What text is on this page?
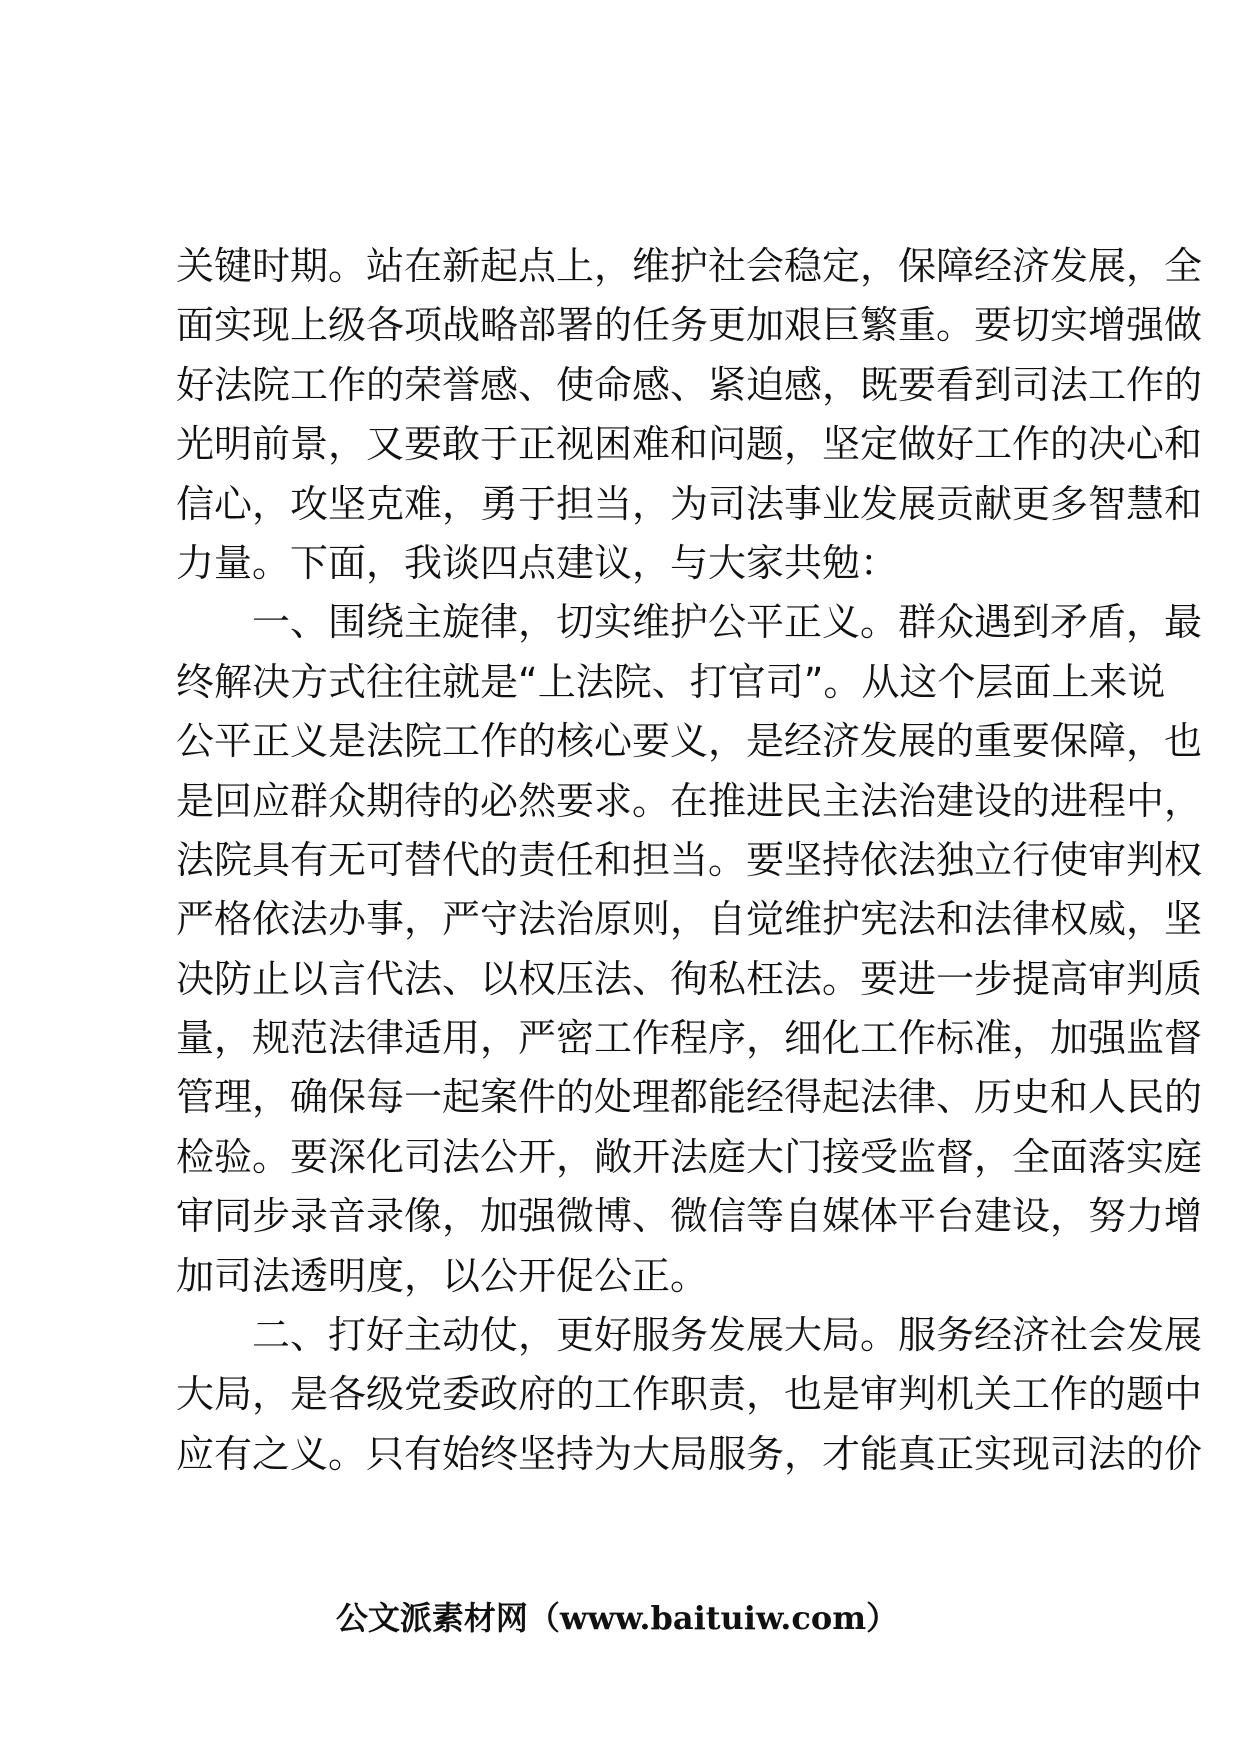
关键时期。站在新起点上，维护社会稳定，保障经济发展，全
面实现上级各项战略部署的任务更加艰巨繁重。要切实增强做
好法院工作的荣誉感、使命感、紧迫感，既要看到司法工作的
光明前景，又要敢于正视困难和问题，坚定做好工作的决心和
信心，攻坚克难，勇于担当，为司法事业发展贡献更多智慧和
力量。下面，我谈四点建议，与大家共勉：
　　一、围绕主旋律，切实维护公平正义。群众遇到矛盾，最
终解决方式往往就是“上法院、打官司”。从这个层面上来说
公平正义是法院工作的核心要义，是经济发展的重要保障，也
是回应群众期待的必然要求。在推进民主法治建设的进程中，
法院具有无可替代的责任和担当。要坚持依法独立行使审判权
严格依法办事，严守法治原则，自觉维护宪法和法律权威，坚
决防止以言代法、以权压法、徇私枉法。要进一步提高审判质
量，规范法律适用，严密工作程序，细化工作标准，加强监督
管理，确保每一起案件的处理都能经得起法律、历史和人民的
检验。要深化司法公开，敞开法庭大门接受监督，全面落实庭
审同步录音录像，加强微博、微信等自媒体平台建设，努力增
加司法透明度，以公开促公正。
　　二、打好主动仗，更好服务发展大局。服务经济社会发展
大局，是各级党委政府的工作职责，也是审判机关工作的题中
应有之义。只有始终坚持为大局服务，才能真正实现司法的价
公文派素材网（www.baituiw.com）
